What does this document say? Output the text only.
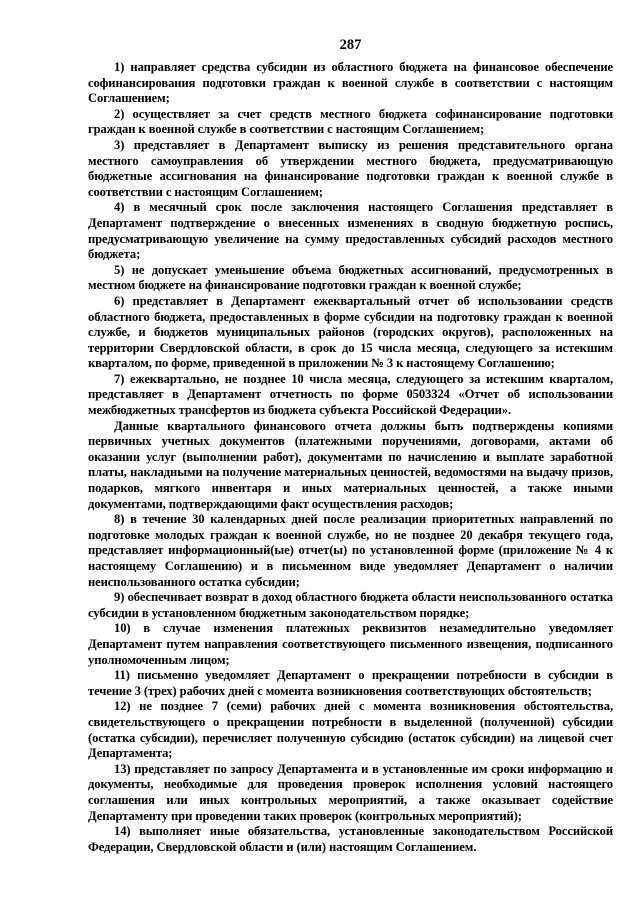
287

1) направляет средства субсидии из областного бюджета на финансовое обеспечение софинансирования подготовки граждан к военной службе в соответствии с настоящим Соглашением;

2) осуществляет за счет средств местного бюджета софинансирование подготовки граждан к военной службе в соответствии с настоящим Соглашением;

3) представляет в Департамент выписку из решения представительного органа местного самоуправления об утверждении местного бюджета, предусматривающую бюджетные ассигнования на финансирование подготовки граждан к военной службе в соответствии с настоящим Соглашением;

4) в месячный срок после заключения настоящего Соглашения представляет в Департамент подтверждение о внесенных изменениях в сводную бюджетную роспись, предусматривающую увеличение на сумму предоставленных субсидий расходов местного бюджета;

5) не допускает уменьшение объема бюджетных ассигнований, предусмотренных в местном бюджете на финансирование подготовки граждан к военной службе;

6) представляет в Департамент ежеквартальный отчет об использовании средств областного бюджета, предоставленных в форме субсидии на подготовку граждан к военной службе, и бюджетов муниципальных районов (городских округов), расположенных на территории Свердловской области, в срок до 15 числа месяца, следующего за истекшим кварталом, по форме, приведенной в приложении № 3 к настоящему Соглашению;

7) ежеквартально, не позднее 10 числа месяца, следующего за истекшим кварталом, представляет в Департамент отчетность по форме 0503324 «Отчет об использовании межбюджетных трансфертов из бюджета субъекта Российской Федерации».

Данные квартального финансового отчета должны быть подтверждены копиями первичных учетных документов (платежными поручениями, договорами, актами об оказании услуг (выполнении работ), документами по начислению и выплате заработной платы, накладными на получение материальных ценностей, ведомостями на выдачу призов, подарков, мягкого инвентаря и иных материальных ценностей, а также иными документами, подтверждающими факт осуществления расходов;

8) в течение 30 календарных дней после реализации приоритетных направлений по подготовке молодых граждан к военной службе, но не позднее 20 декабря текущего года, представляет информационный(ые) отчет(ы) по установленной форме (приложение № 4 к настоящему Соглашению) и в письменном виде уведомляет Департамент о наличии неиспользованного остатка субсидии;

9) обеспечивает возврат в доход областного бюджета области неиспользованного остатка субсидии в установленном бюджетным законодательством порядке;

10) в случае изменения платежных реквизитов незамедлительно уведомляет Департамент путем направления соответствующего письменного извещения, подписанного уполномоченным лицом;

11) письменно уведомляет Департамент о прекращении потребности в субсидии в течение 3 (трех) рабочих дней с момента возникновения соответствующих обстоятельств;

12) не позднее 7 (семи) рабочих дней с момента возникновения обстоятельства, свидетельствующего о прекращении потребности в выделенной (полученной) субсидии (остатка субсидии), перечисляет полученную субсидию (остаток субсидии) на лицевой счет Департамента;

13) представляет по запросу Департамента и в установленные им сроки информацию и документы, необходимые для проведения проверок исполнения условий настоящего соглашения или иных контрольных мероприятий, а также оказывает содействие Департаменту при проведении таких проверок (контрольных мероприятий);

14) выполняет иные обязательства, установленные законодательством Российской Федерации, Свердловской области и (или) настоящим Соглашением.
